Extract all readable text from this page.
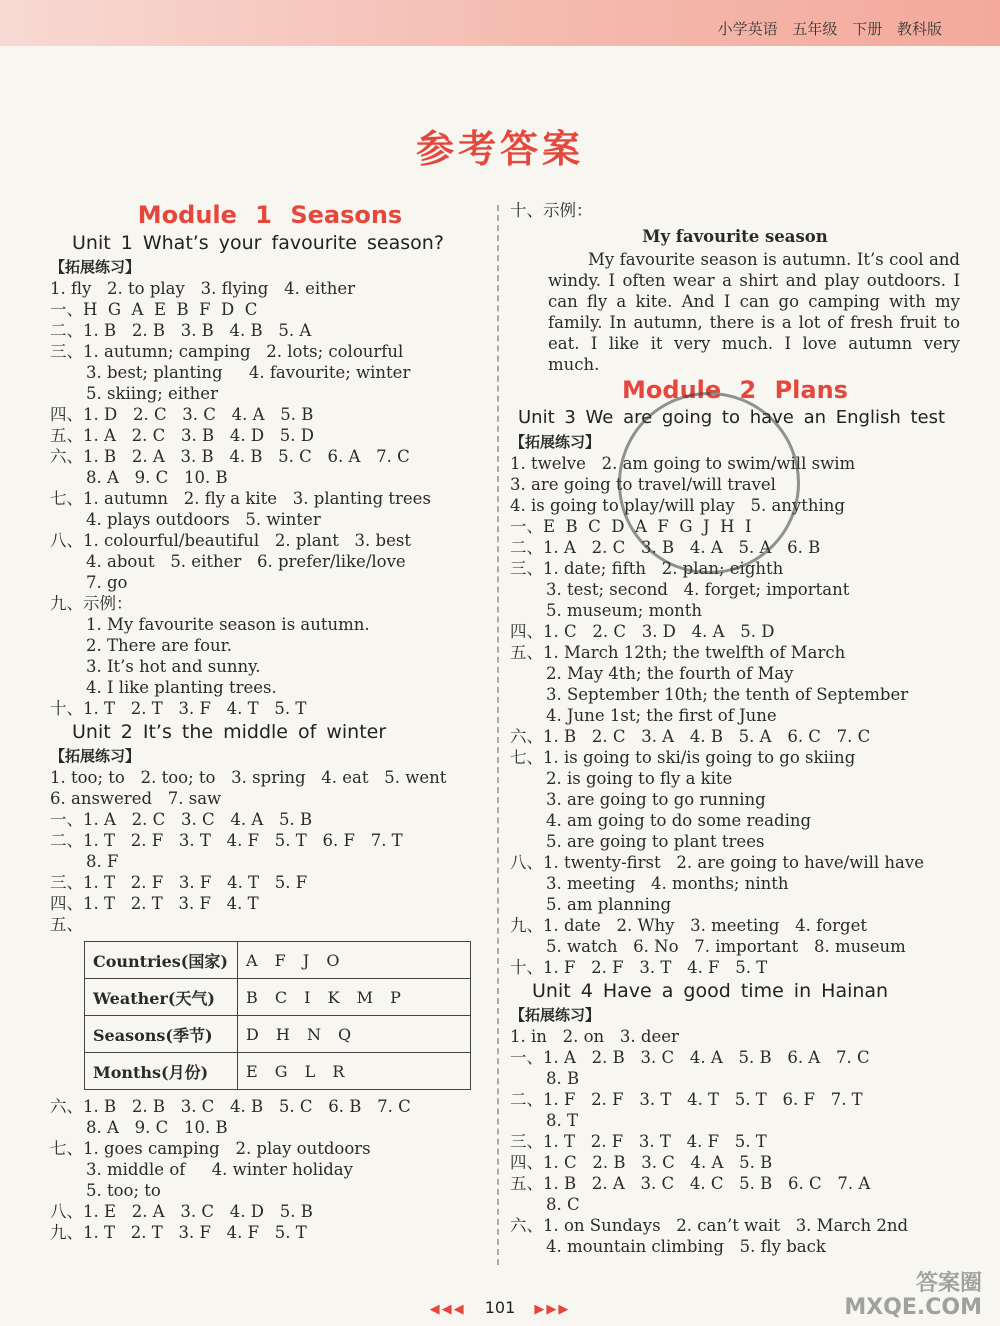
小学英语 五年级 下册 教科版
参考答案
Module 1 Seasons
Unit 1 What’s your favourite season?
【拓展练习】
1. fly   2. to play   3. flying   4. either
一、H  G  A  E  B  F  D  C
二、1. B   2. B   3. B   4. B   5. A
三、1. autumn; camping   2. lots; colourful
3. best; planting     4. favourite; winter
5. skiing; either
四、1. D   2. C   3. C   4. A   5. B
五、1. A   2. C   3. B   4. D   5. D
六、1. B   2. A   3. B   4. B   5. C   6. A   7. C
8. A   9. C   10. B
七、1. autumn   2. fly a kite   3. planting trees
4. plays outdoors   5. winter
八、1. colourful/beautiful   2. plant   3. best
4. about   5. either   6. prefer/like/love
7. go
九、示例：
1. My favourite season is autumn.
2. There are four.
3. It’s hot and sunny.
4. I like planting trees.
十、1. T   2. T   3. F   4. T   5. T
Unit 2 It’s the middle of winter
【拓展练习】
1. too; to   2. too; to   3. spring   4. eat   5. went
6. answered   7. saw
一、1. A   2. C   3. C   4. A   5. B
二、1. T   2. F   3. T   4. F   5. T   6. F   7. T
8. F
三、1. T   2. F   3. F   4. T   5. F
四、1. T   2. T   3. F   4. T
五、
Countries(国家)	A F J O
Weather(天气)	B C I K M P
Seasons(季节)	D H N Q
Months(月份)	E G L R
六、1. B   2. B   3. C   4. B   5. C   6. B   7. C
8. A   9. C   10. B
七、1. goes camping   2. play outdoors
3. middle of     4. winter holiday
5. too; to
八、1. E   2. A   3. C   4. D   5. B
九、1. T   2. T   3. F   4. F   5. T
十、示例：
My favourite season
My favourite season is autumn. It’s cool and windy. I often wear a shirt and play outdoors. I can fly a kite. And I can go camping with my family. In autumn, there is a lot of fresh fruit to eat. I like it very much. I love autumn very much.
Module 2 Plans
Unit 3 We are going to have an English test
【拓展练习】
1. twelve   2. am going to swim/will swim
3. are going to travel/will travel
4. is going to play/will play   5. anything
一、E  B  C  D  A  F  G  J  H  I
二、1. A   2. C   3. B   4. A   5. A   6. B
三、1. date; fifth   2. plan; eighth
3. test; second   4. forget; important
5. museum; month
四、1. C   2. C   3. D   4. A   5. D
五、1. March 12th; the twelfth of March
2. May 4th; the fourth of May
3. September 10th; the tenth of September
4. June 1st; the first of June
六、1. B   2. C   3. A   4. B   5. A   6. C   7. C
七、1. is going to ski/is going to go skiing
2. is going to fly a kite
3. are going to go running
4. am going to do some reading
5. are going to plant trees
八、1. twenty-first   2. are going to have/will have
3. meeting   4. months; ninth
5. am planning
九、1. date   2. Why   3. meeting   4. forget
5. watch   6. No   7. important   8. museum
十、1. F   2. F   3. T   4. F   5. T
Unit 4 Have a good time in Hainan
【拓展练习】
1. in   2. on   3. deer
一、1. A   2. B   3. C   4. A   5. B   6. A   7. C
8. B
二、1. F   2. F   3. T   4. T   5. T   6. F   7. T
8. T
三、1. T   2. F   3. T   4. F   5. T
四、1. C   2. B   3. C   4. A   5. B
五、1. B   2. A   3. C   4. C   5. B   6. C   7. A
8. C
六、1. on Sundays   2. can’t wait   3. March 2nd
4. mountain climbing   5. fly back
◀◀◀ 101 ▶▶▶
答案圈
MXQE.COM
